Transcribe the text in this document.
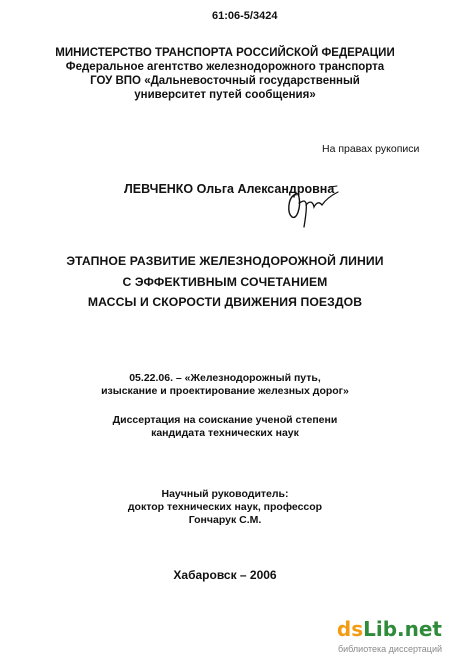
61:06-5/3424
МИНИСТЕРСТВО ТРАНСПОРТА РОССИЙСКОЙ ФЕДЕРАЦИИ
Федеральное агентство железнодорожного транспорта
ГОУ ВПО «Дальневосточный государственный
университет путей сообщения»
На правах рукописи
ЛЕВЧЕНКО Ольга Александровна
ЭТАПНОЕ РАЗВИТИЕ ЖЕЛЕЗНОДОРОЖНОЙ ЛИНИИ
С ЭФФЕКТИВНЫМ СОЧЕТАНИЕМ
МАССЫ И СКОРОСТИ ДВИЖЕНИЯ ПОЕЗДОВ
05.22.06. – «Железнодорожный путь,
изыскание и проектирование железных дорог»
Диссертация на соискание ученой степени
кандидата технических наук
Научный руководитель:
доктор технических наук, профессор
Гончарук С.М.
Хабаровск – 2006
dsLib.net
библиотека диссертаций
